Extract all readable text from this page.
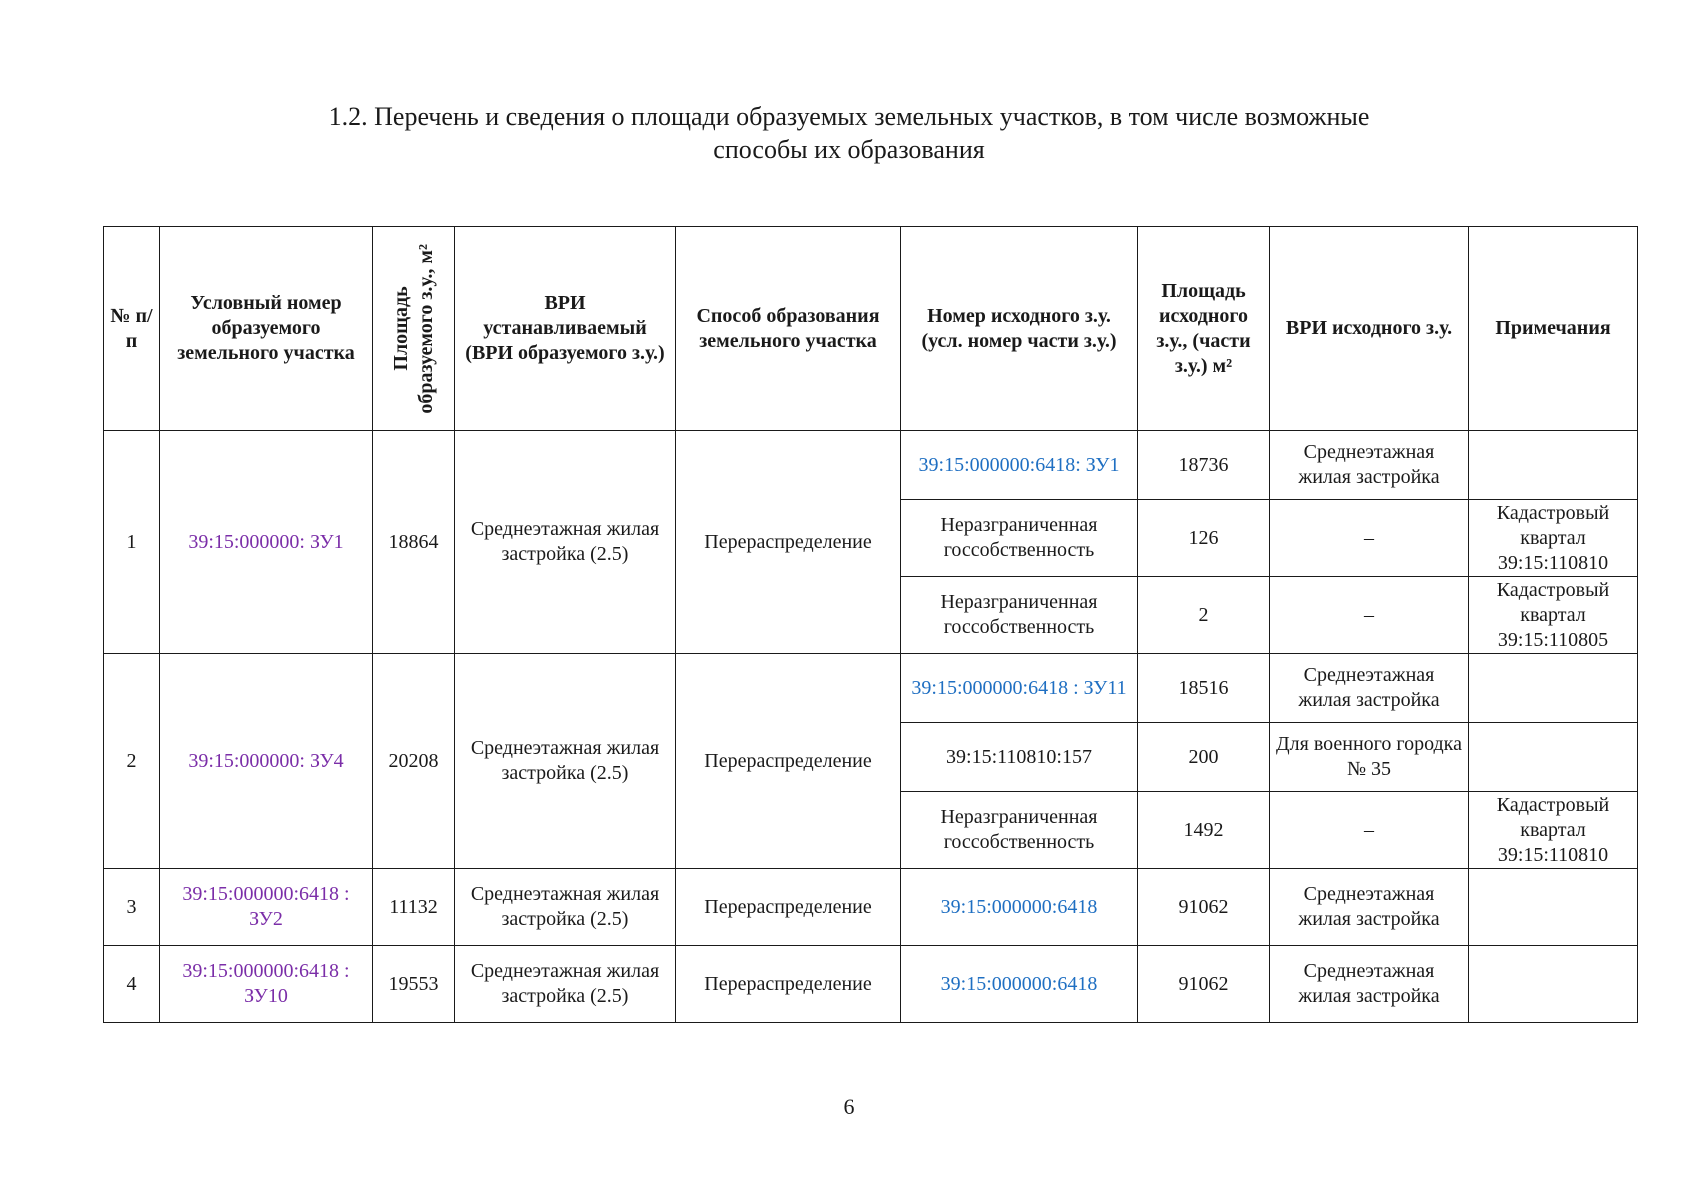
1.2. Перечень и сведения о площади образуемых земельных участков, в том числе возможные
способы их образования
№ п/п	Условный номер образуемого земельного участка	Площадь образуемого з.у., м²	ВРИ устанавливаемый (ВРИ образуемого з.у.)	Способ образования земельного участка	Номер исходного з.у. (усл. номер части з.у.)	Площадь исходного з.у., (части з.у.) м²	ВРИ исходного з.у.	Примечания
1	39:15:000000: ЗУ1	18864	Среднеэтажная жилая застройка (2.5)	Перераспределение	39:15:000000:6418: ЗУ1	18736	Среднеэтажная жилая застройка	
					Неразграниченная госсобственность	126	–	Кадастровый квартал 39:15:110810
					Неразграниченная госсобственность	2	–	Кадастровый квартал 39:15:110805
2	39:15:000000: ЗУ4	20208	Среднеэтажная жилая застройка (2.5)	Перераспределение	39:15:000000:6418 : ЗУ11	18516	Среднеэтажная жилая застройка	
					39:15:110810:157	200	Для военного городка № 35	
					Неразграниченная госсобственность	1492	–	Кадастровый квартал 39:15:110810
3	39:15:000000:6418 : ЗУ2	11132	Среднеэтажная жилая застройка (2.5)	Перераспределение	39:15:000000:6418	91062	Среднеэтажная жилая застройка	
4	39:15:000000:6418 : ЗУ10	19553	Среднеэтажная жилая застройка (2.5)	Перераспределение	39:15:000000:6418	91062	Среднеэтажная жилая застройка	
6
